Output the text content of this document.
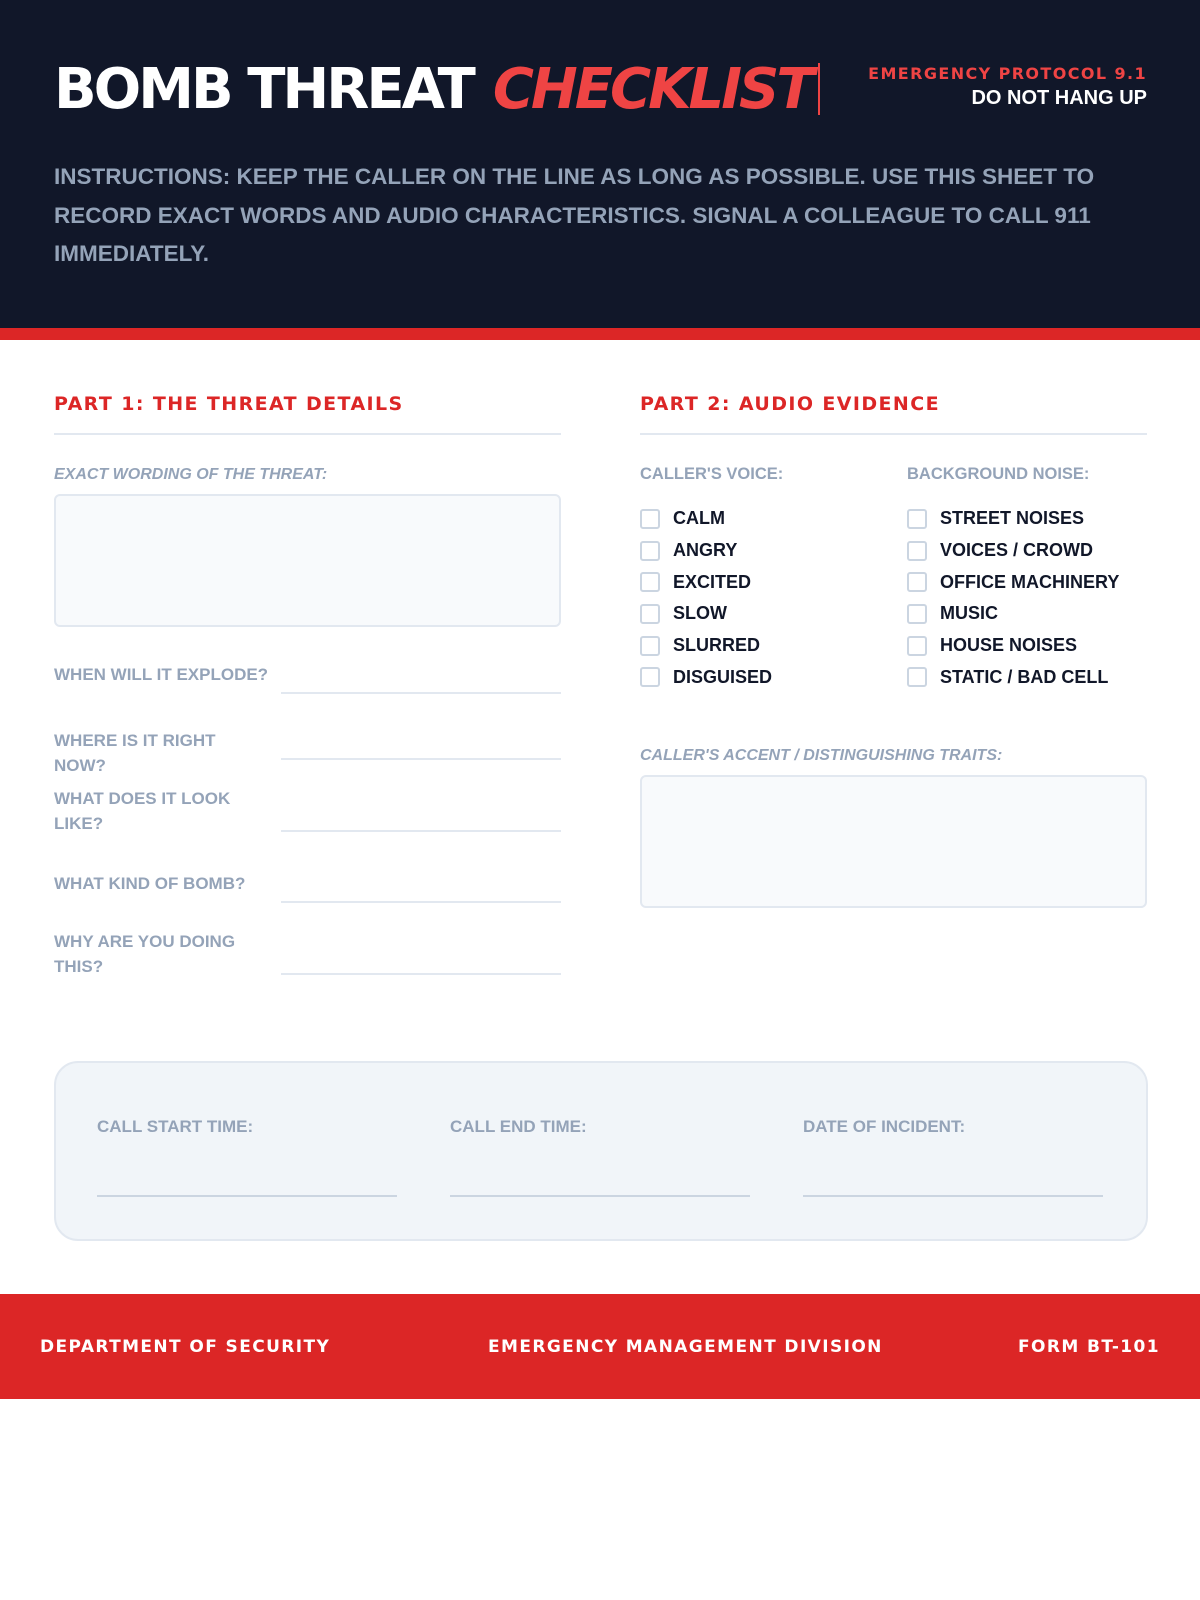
BOMB THREAT CHECKLIST	EMERGENCY PROTOCOL 9.1
DO NOT HANG UP
INSTRUCTIONS: KEEP THE CALLER ON THE LINE AS LONG AS POSSIBLE. USE THIS SHEET TO RECORD EXACT WORDS AND AUDIO CHARACTERISTICS. SIGNAL A COLLEAGUE TO CALL 911 IMMEDIATELY.
PART 1: THE THREAT DETAILS
EXACT WORDING OF THE THREAT:
WHEN WILL IT EXPLODE?
WHERE IS IT RIGHT NOW?
WHAT DOES IT LOOK LIKE?
WHAT KIND OF BOMB?
WHY ARE YOU DOING THIS?
PART 2: AUDIO EVIDENCE
CALLER'S VOICE:
CALM
ANGRY
EXCITED
SLOW
SLURRED
DISGUISED
BACKGROUND NOISE:
STREET NOISES
VOICES / CROWD
OFFICE MACHINERY
MUSIC
HOUSE NOISES
STATIC / BAD CELL
CALLER'S ACCENT / DISTINGUISHING TRAITS:
CALL START TIME:	CALL END TIME:	DATE OF INCIDENT:
DEPARTMENT OF SECURITY	EMERGENCY MANAGEMENT DIVISION	FORM BT-101
